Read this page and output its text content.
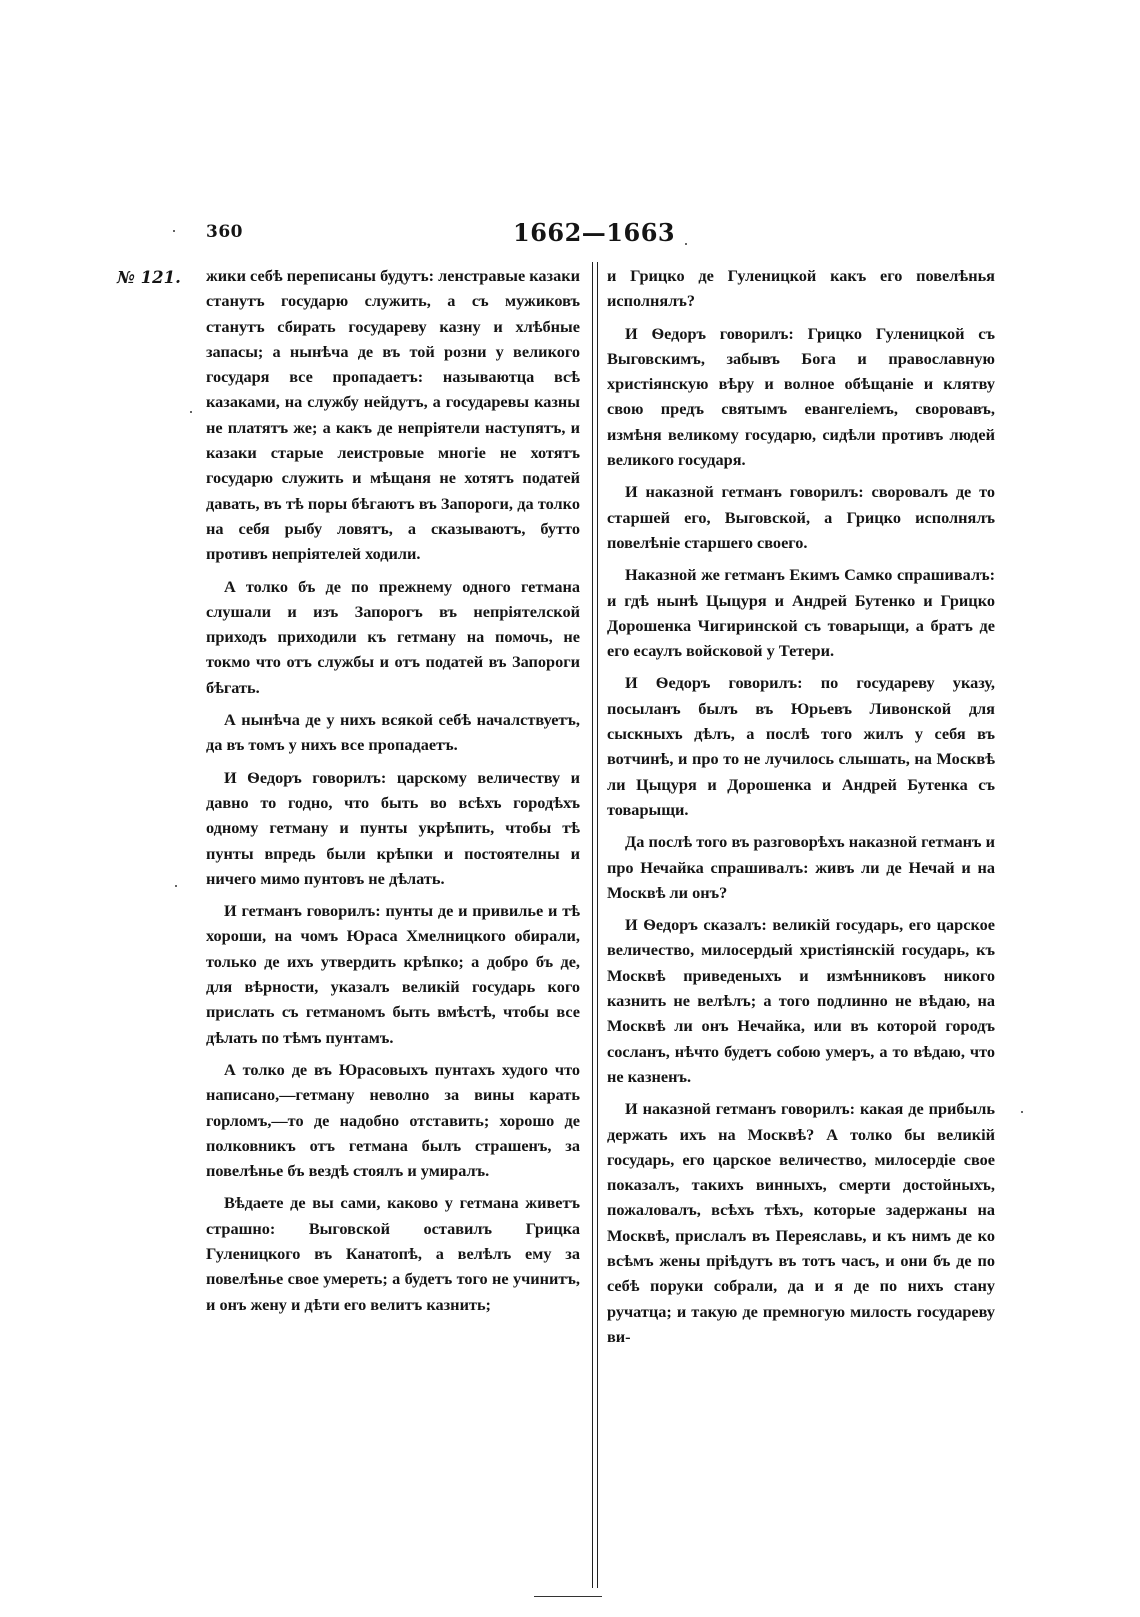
360	1662—1663
№ 121. жики себѣ переписаны будутъ: ленстравые казаки станутъ государю служить, а съ мужиковъ станутъ сбирать государеву казну и хлѣбные запасы; а нынѣча де въ той розни у великого государя все пропадаетъ: называютца всѣ казаками, на службу нейдутъ, а государевы казны не платятъ же; а какъ де непріятели наступятъ, и казаки старые леистровые многіе не хотятъ государю служить и мѣщаня не хотятъ податей давать, въ тѣ поры бѣгаютъ въ Запороги, да толко на себя рыбу ловятъ, а сказываютъ, бутто противъ непріятелей ходили.

А толко бъ де по прежнему одного гетмана слушали и изъ Запорогъ въ непріятелской приходъ приходили къ гетману на помочь, не токмо что отъ службы и отъ податей въ Запороги бѣгать.

А нынѣча де у нихъ всякой себѣ началствуетъ, да въ томъ у нихъ все пропадаетъ.

И Ѳедоръ говорилъ: царскому величеству и давно то годно, что быть во всѣхъ городѣхъ одному гетману и пунты укрѣпить, чтобы тѣ пунты впредь были крѣпки и постоятелны и ничего мимо пунтовъ не дѣлать.

И гетманъ говорилъ: пунты де и привилье и тѣ хороши, на чомъ Юраса Хмелницкого обирали, только де ихъ утвердить крѣпко; а добро бъ де, для вѣрности, указалъ великій государь кого прислать съ гетманомъ быть вмѣстѣ, чтобы все дѣлать по тѣмъ пунтамъ.

А толко де въ Юрасовыхъ пунтахъ худого что написано,—гетману неволно за вины карать горломъ,—то де надобно отставить; хорошо де полковникъ отъ гетмана былъ страшенъ, за повелѣнье бъ вездѣ стоялъ и умиралъ.

Вѣдаете де вы сами, каково у гетмана живетъ страшно: Выговской оставилъ Грицка Гуленицкого въ Канатопѣ, а велѣлъ ему за повелѣнье свое умереть; а будетъ того не учинитъ, и онъ жену и дѣти его велитъ казнить;

и Грицко де Гуленицкой какъ его повелѣнья исполнялъ?

И Ѳедоръ говорилъ: Грицко Гуленицкой съ Выговскимъ, забывъ Бога и православную христіянскую вѣру и волное обѣщаніе и клятву свою предъ святымъ евангеліемъ, своровавъ, измѣня великому государю, сидѣли противъ людей великого государя.

И наказной гетманъ говорилъ: своровалъ де то старшей его, Выговской, а Грицко исполнялъ повелѣніе старшего своего.

Наказной же гетманъ Екимъ Самко спрашивалъ: и гдѣ нынѣ Цыцуря и Андрей Бутенко и Грицко Дорошенка Чигиринской съ товарыщи, а братъ де его есаулъ войсковой у Тетери.

И Ѳедоръ говорилъ: по государеву указу, посыланъ былъ въ Юрьевъ Ливонской для сыскныхъ дѣлъ, а послѣ того жилъ у себя въ вотчинѣ, и про то не лучилось слышать, на Москвѣ ли Цыцуря и Дорошенка и Андрей Бутенка съ товарыщи.

Да послѣ того въ разговорѣхъ наказной гетманъ и про Нечайка спрашивалъ: живъ ли де Нечай и на Москвѣ ли онъ?

И Ѳедоръ сказалъ: великій государь, его царское величество, милосердый христіянскій государь, къ Москвѣ приведеныхъ и измѣнниковъ никого казнить не велѣлъ; а того подлинно не вѣдаю, на Москвѣ ли онъ Нечайка, или въ которой городъ сосланъ, нѣчто будетъ собою умеръ, а то вѣдаю, что не казненъ.

И наказной гетманъ говорилъ: какая де прибыль держать ихъ на Москвѣ? А толко бы великій государь, его царское величество, милосердіе свое показалъ, такихъ винныхъ, смерти достойныхъ, пожаловалъ, всѣхъ тѣхъ, которые задержаны на Москвѣ, прислалъ въ Переяславь, и къ нимъ де ко всѣмъ жены пріѣдутъ въ тотъ часъ, и они бъ де по себѣ поруки собрали, да и я де по нихъ стану ручатца; и такую де премногую милость государеву ви-
